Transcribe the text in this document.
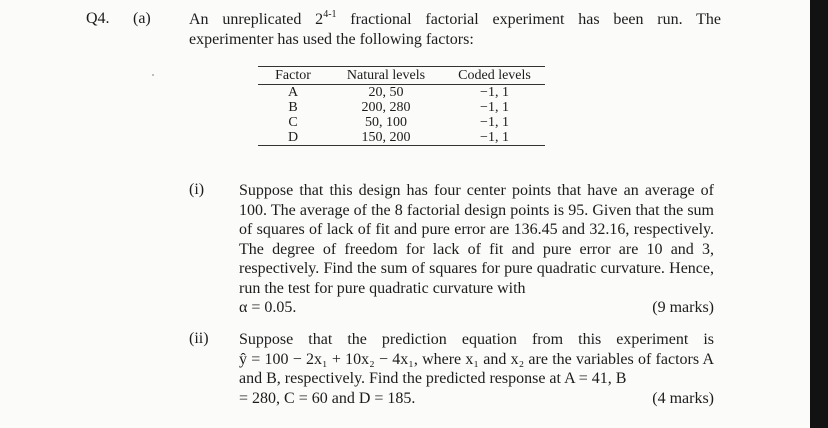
Q4. (a) An unreplicated 2$^{4-1}$ fractional factorial experiment has been run. The experimenter has used the following factors:
Factor	Natural levels	Coded levels
A	20, 50	−1, 1
B	200, 280	−1, 1
C	50, 100	−1, 1
D	150, 200	−1, 1
(i) Suppose that this design has four center points that have an average of 100. The average of the 8 factorial design points is 95. Given that the sum of squares of lack of fit and pure error are 136.45 and 32.16, respectively. The degree of freedom for lack of fit and pure error are 10 and 3, respectively. Find the sum of squares for pure quadratic curvature. Hence, run the test for pure quadratic curvature with

α = 0.05.	(9 marks)
(ii) Suppose that the prediction equation from this experiment is ŷ = 100 − 2x₁ + 10x₂ − 4x₁, where x₁ and x₂ are the variables of factors A and B, respectively. Find the predicted response at A = 41, B

= 280, C = 60 and D = 185.	(4 marks)
